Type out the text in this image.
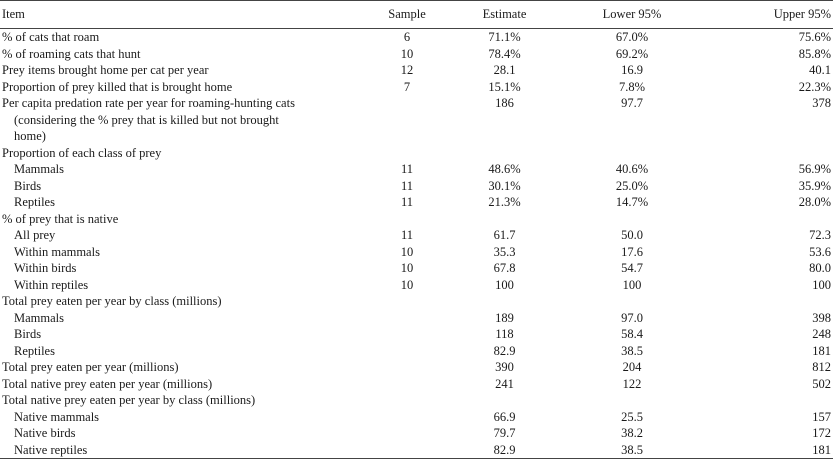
Item	Sample	Estimate	Lower 95%	Upper 95%
% of cats that roam	6	71.1%	67.0%	75.6%
% of roaming cats that hunt	10	78.4%	69.2%	85.8%
Prey items brought home per cat per year	12	28.1	16.9	40.1
Proportion of prey killed that is brought home	7	15.1%	7.8%	22.3%
Per capita predation rate per year for roaming-hunting cats		186	97.7	378
(considering the % prey that is killed but not brought				
home)				
Proportion of each class of prey				
Mammals	11	48.6%	40.6%	56.9%
Birds	11	30.1%	25.0%	35.9%
Reptiles	11	21.3%	14.7%	28.0%
% of prey that is native				
All prey	11	61.7	50.0	72.3
Within mammals	10	35.3	17.6	53.6
Within birds	10	67.8	54.7	80.0
Within reptiles	10	100	100	100
Total prey eaten per year by class (millions)				
Mammals		189	97.0	398
Birds		118	58.4	248
Reptiles		82.9	38.5	181
Total prey eaten per year (millions)		390	204	812
Total native prey eaten per year (millions)		241	122	502
Total native prey eaten per year by class (millions)				
Native mammals		66.9	25.5	157
Native birds		79.7	38.2	172
Native reptiles		82.9	38.5	181
